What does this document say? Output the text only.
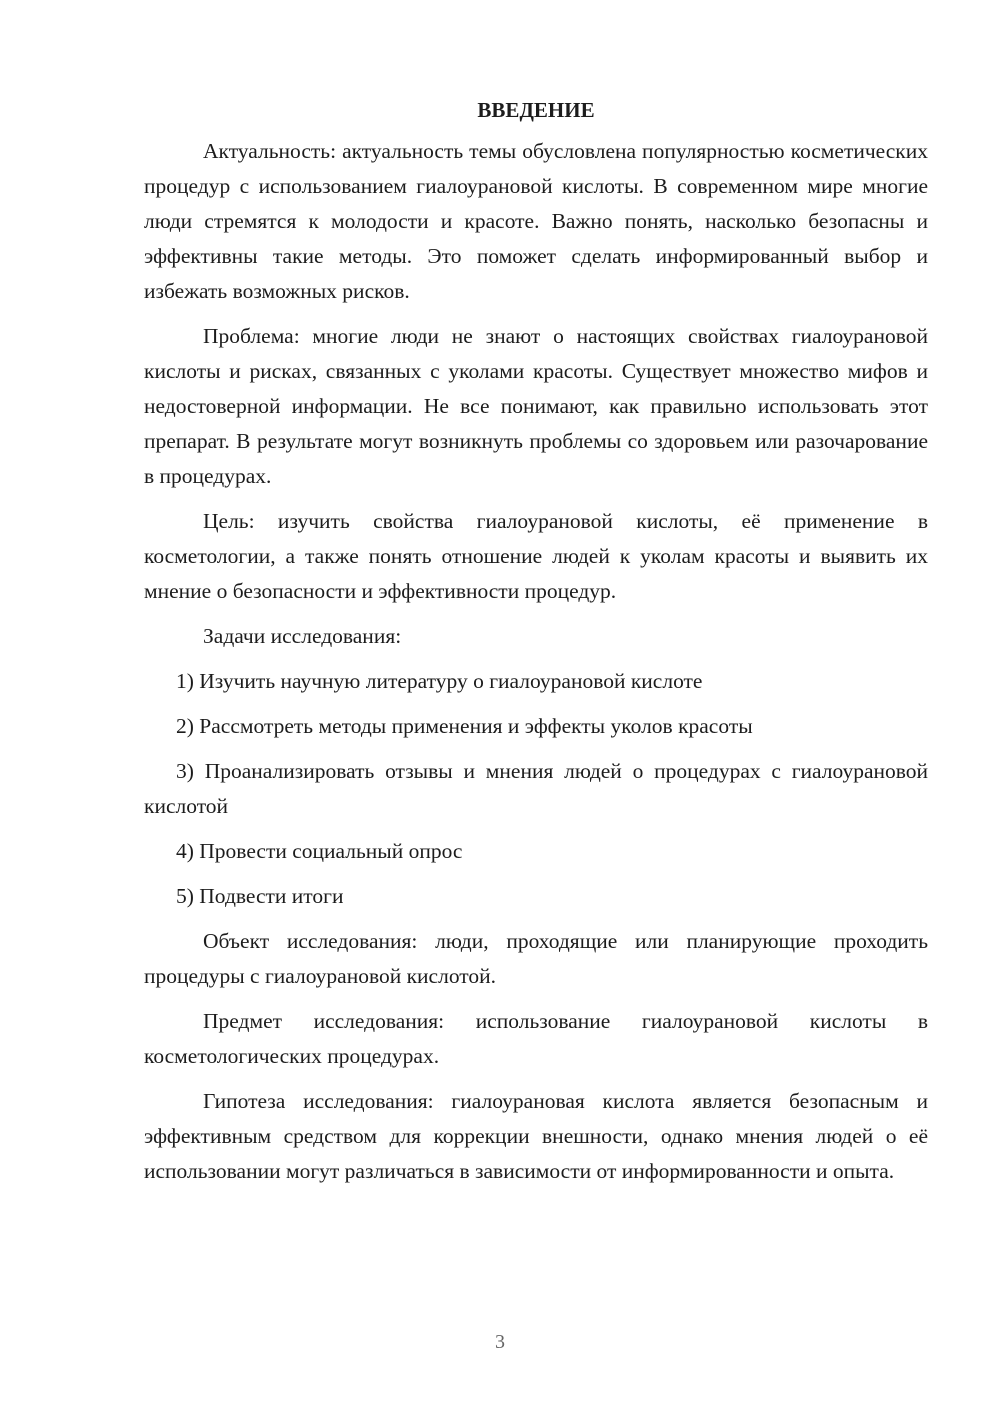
ВВЕДЕНИЕ

Актуальность: актуальность темы обусловлена популярностью косметических процедур с использованием гиалоурановой кислоты. В современном мире многие люди стремятся к молодости и красоте. Важно понять, насколько безопасны и эффективны такие методы. Это поможет сделать информированный выбор и избежать возможных рисков.

Проблема: многие люди не знают о настоящих свойствах гиалоурановой кислоты и рисках, связанных с уколами красоты. Существует множество мифов и недостоверной информации. Не все понимают, как правильно использовать этот препарат. В результате могут возникнуть проблемы со здоровьем или разочарование в процедурах.

Цель: изучить свойства гиалоурановой кислоты, её применение в косметологии, а также понять отношение людей к уколам красоты и выявить их мнение о безопасности и эффективности процедур.

Задачи исследования:

1) Изучить научную литературу о гиалоурановой кислоте

2) Рассмотреть методы применения и эффекты уколов красоты

3) Проанализировать отзывы и мнения людей о процедурах с гиалоурановой кислотой

4) Провести социальный опрос

5) Подвести итоги

Объект исследования: люди, проходящие или планирующие проходить процедуры с гиалоурановой кислотой.

Предмет исследования: использование гиалоурановой кислоты в косметологических процедурах.

Гипотеза исследования: гиалоурановая кислота является безопасным и эффективным средством для коррекции внешности, однако мнения людей о её использовании могут различаться в зависимости от информированности и опыта.

3
